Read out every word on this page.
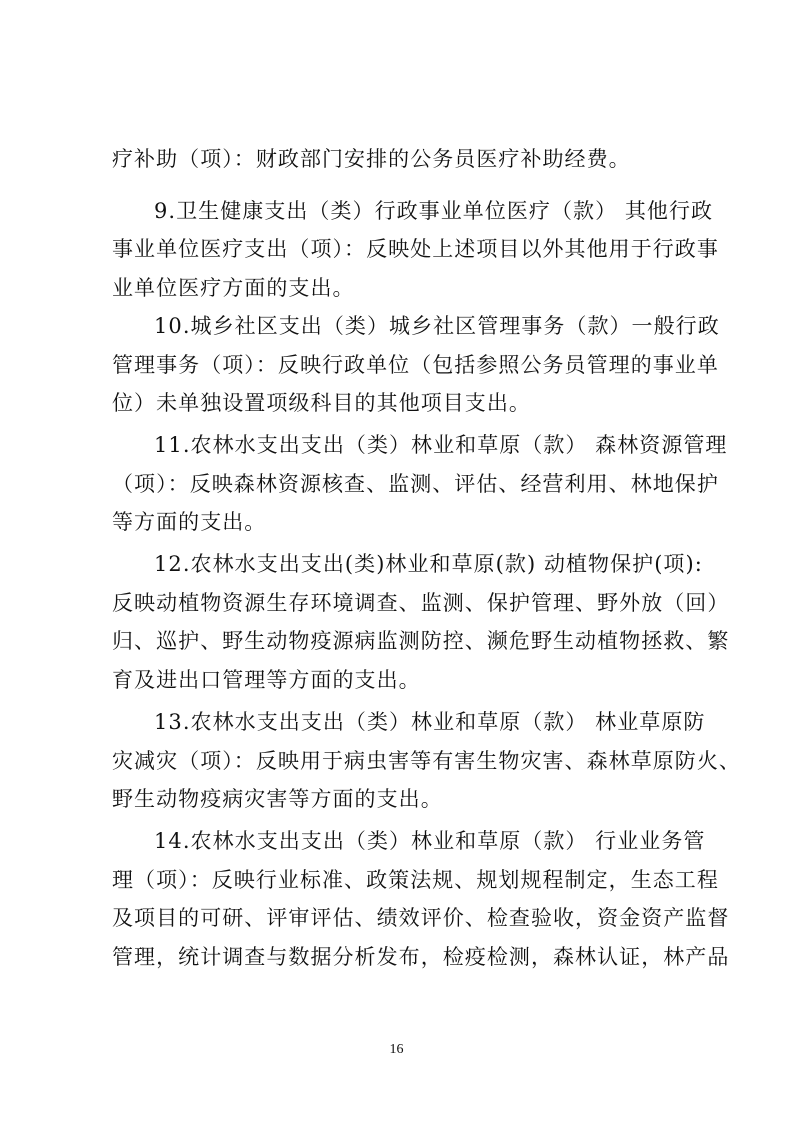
疗补助（项）：财政部门安排的公务员医疗补助经费。
9.卫生健康支出（类）行政事业单位医疗（款） 其他行政
事业单位医疗支出（项）：反映处上述项目以外其他用于行政事
业单位医疗方面的支出。
10.城乡社区支出（类）城乡社区管理事务（款）一般行政
管理事务（项）：反映行政单位（包括参照公务员管理的事业单
位）未单独设置项级科目的其他项目支出。
11.农林水支出支出（类）林业和草原（款） 森林资源管理
（项）：反映森林资源核查、监测、评估、经营利用、林地保护
等方面的支出。
12.农林水支出支出(类)林业和草原(款) 动植物保护(项):
反映动植物资源生存环境调查、监测、保护管理、野外放（回）
归、巡护、野生动物疫源病监测防控、濒危野生动植物拯救、繁
育及进出口管理等方面的支出。
13.农林水支出支出（类）林业和草原（款） 林业草原防
灾减灾（项）：反映用于病虫害等有害生物灾害、森林草原防火、
野生动物疫病灾害等方面的支出。
14.农林水支出支出（类）林业和草原（款） 行业业务管
理（项）：反映行业标准、政策法规、规划规程制定，生态工程
及项目的可研、评审评估、绩效评价、检查验收，资金资产监督
管理，统计调查与数据分析发布，检疫检测，森林认证，林产品
16
